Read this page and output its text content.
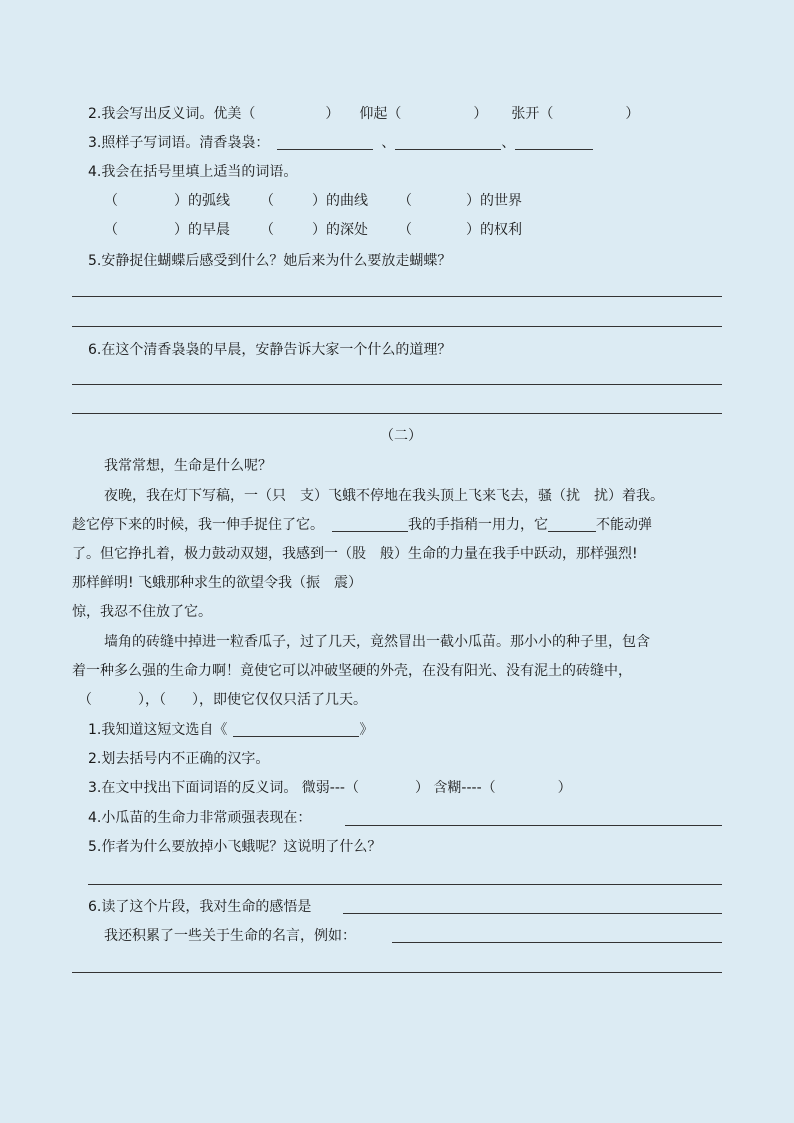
2.我会写出反义词。优美（	） 仰起（	） 张开（	）
3.照样子写词语。清香袅袅：	、	、
4.我会在括号里填上适当的词语。
（	）的弧线 （	）的曲线 （	）的世界
（	）的早晨 （	）的深处 （	）的权利
5.安静捉住蝴蝶后感受到什么？她后来为什么要放走蝴蝶？
6.在这个清香袅袅的早晨，安静告诉大家一个什么的道理？
（二）
我常常想，生命是什么呢？
夜晚，我在灯下写稿，一（只　支）飞蛾不停地在我头顶上飞来飞去，骚（扰　扰）着我。
趁它停下来的时候，我一伸手捉住了它。	我的手指稍一用力，它	不能动弹
了。但它挣扎着，极力鼓动双翅，我感到一（股　般）生命的力量在我手中跃动，那样强烈!
那样鲜明! 飞蛾那种求生的欲望令我（振　震）
惊，我忍不住放了它。
墙角的砖缝中掉进一粒香瓜子，过了几天，竟然冒出一截小瓜苗。那小小的种子里，包含
着一种多么强的生命力啊！竟使它可以冲破坚硬的外壳，在没有阳光、没有泥土的砖缝中，
（	），（ ），即使它仅仅只活了几天。
1.我知道这短文选自《	》
2.划去括号内不正确的汉字。
3.在文中找出下面词语的反义词。 微弱---（	） 含糊----（	）
4.小瓜苗的生命力非常顽强表现在：
5.作者为什么要放掉小飞蛾呢？这说明了什么？
6.读了这个片段，我对生命的感悟是
我还积累了一些关于生命的名言，例如：
